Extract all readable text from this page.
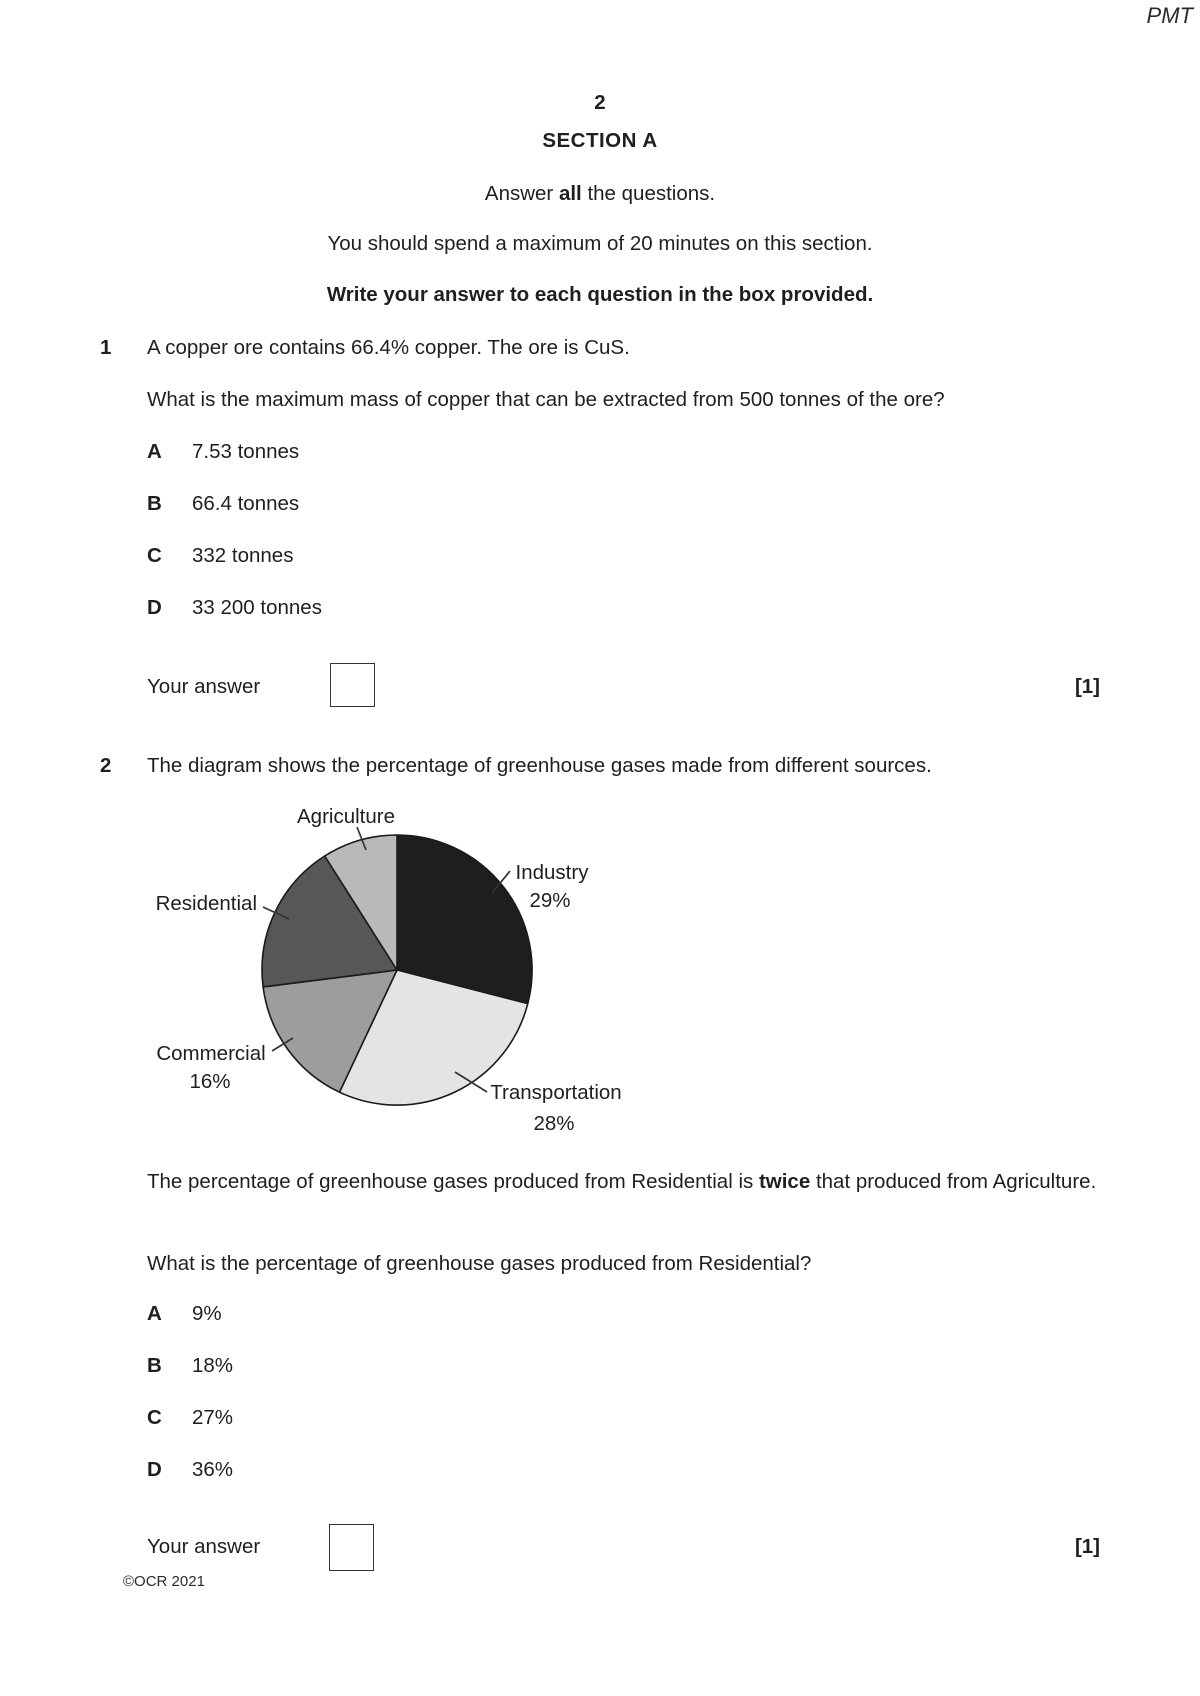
PMT
2
SECTION A
Answer all the questions.
You should spend a maximum of 20 minutes on this section.
Write your answer to each question in the box provided.
1 A copper ore contains 66.4% copper. The ore is CuS.
What is the maximum mass of copper that can be extracted from 500 tonnes of the ore?
A 7.53 tonnes
B 66.4 tonnes
C 332 tonnes
D 33 200 tonnes
Your answer	[1]
2 The diagram shows the percentage of greenhouse gases made from different sources.
Industry
29%
Transportation
28%
Commercial
16%
Residential
Agriculture
The percentage of greenhouse gases produced from Residential is twice that produced from Agriculture.
What is the percentage of greenhouse gases produced from Residential?
A 9%
B 18%
C 27%
D 36%
Your answer	[1]
©OCR 2021
